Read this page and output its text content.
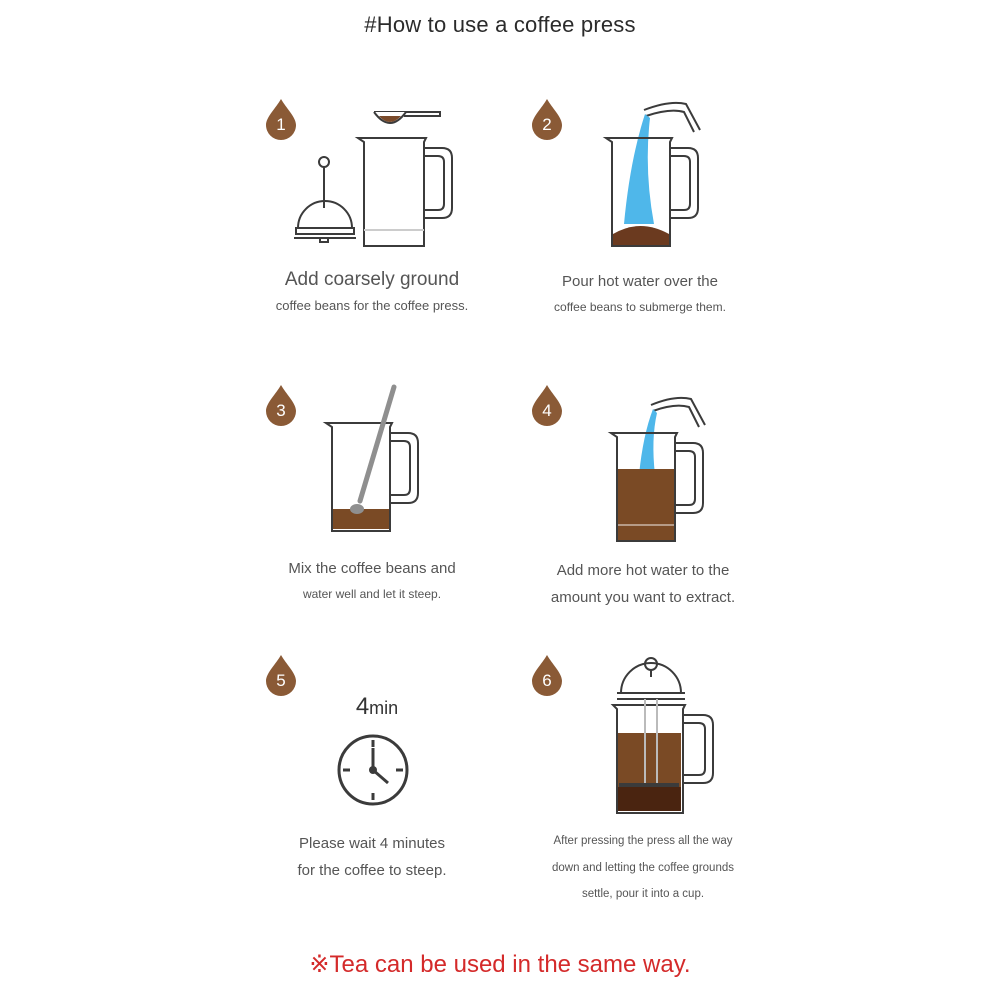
#How to use a coffee press
1
Add coarsely ground
coffee beans for the coffee press.
2
Pour hot water over the
coffee beans to submerge them.
3
Mix the coffee beans and
water well and let it steep.
4
Add more hot water to the
amount you want to extract.
5
4min
Please wait 4 minutes
for the coffee to steep.
6
After pressing the press all the way
down and letting the coffee grounds
settle, pour it into a cup.
※Tea can be used in the same way.
